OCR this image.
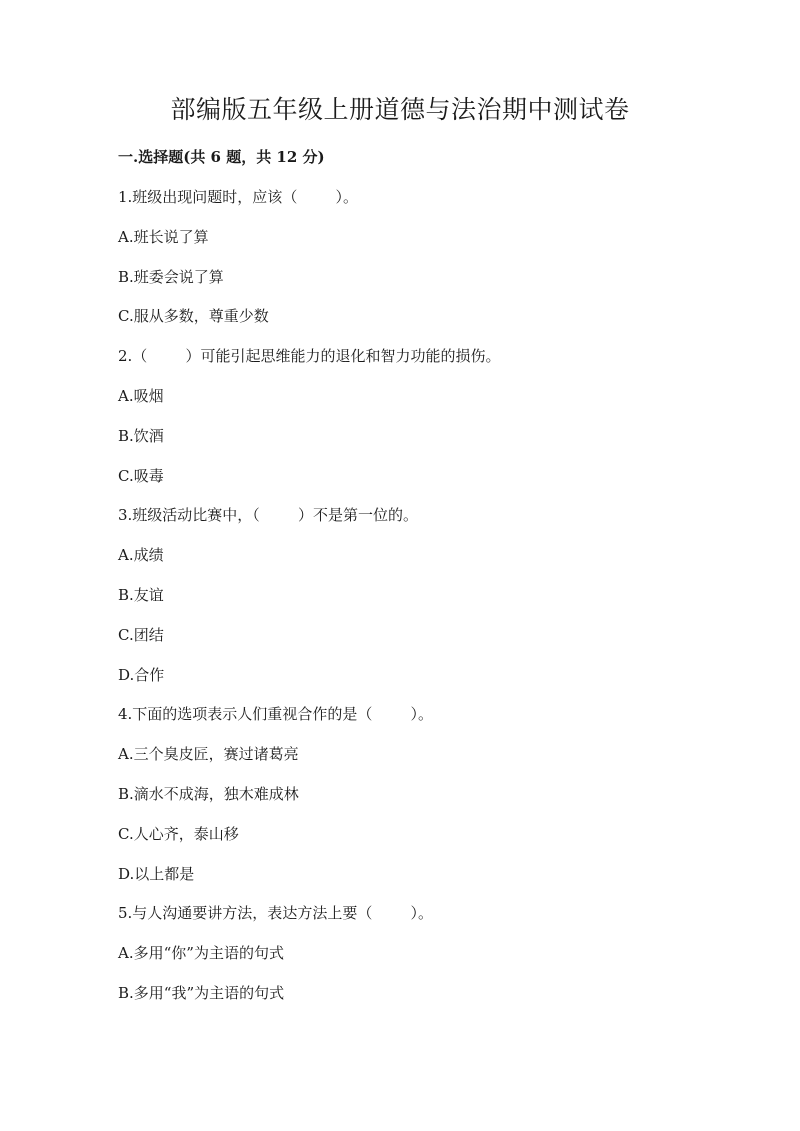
部编版五年级上册道德与法治期中测试卷

一.选择题(共 6 题，共 12 分)

1.班级出现问题时，应该（        ）。
A.班长说了算
B.班委会说了算
C.服从多数，尊重少数
2.（        ）可能引起思维能力的退化和智力功能的损伤。
A.吸烟
B.饮酒
C.吸毒
3.班级活动比赛中，（        ）不是第一位的。
A.成绩
B.友谊
C.团结
D.合作
4.下面的选项表示人们重视合作的是（        ）。
A.三个臭皮匠，赛过诸葛亮
B.滴水不成海，独木难成林
C.人心齐，泰山移
D.以上都是
5.与人沟通要讲方法，表达方法上要（        ）。
A.多用“你”为主语的句式
B.多用“我”为主语的句式
